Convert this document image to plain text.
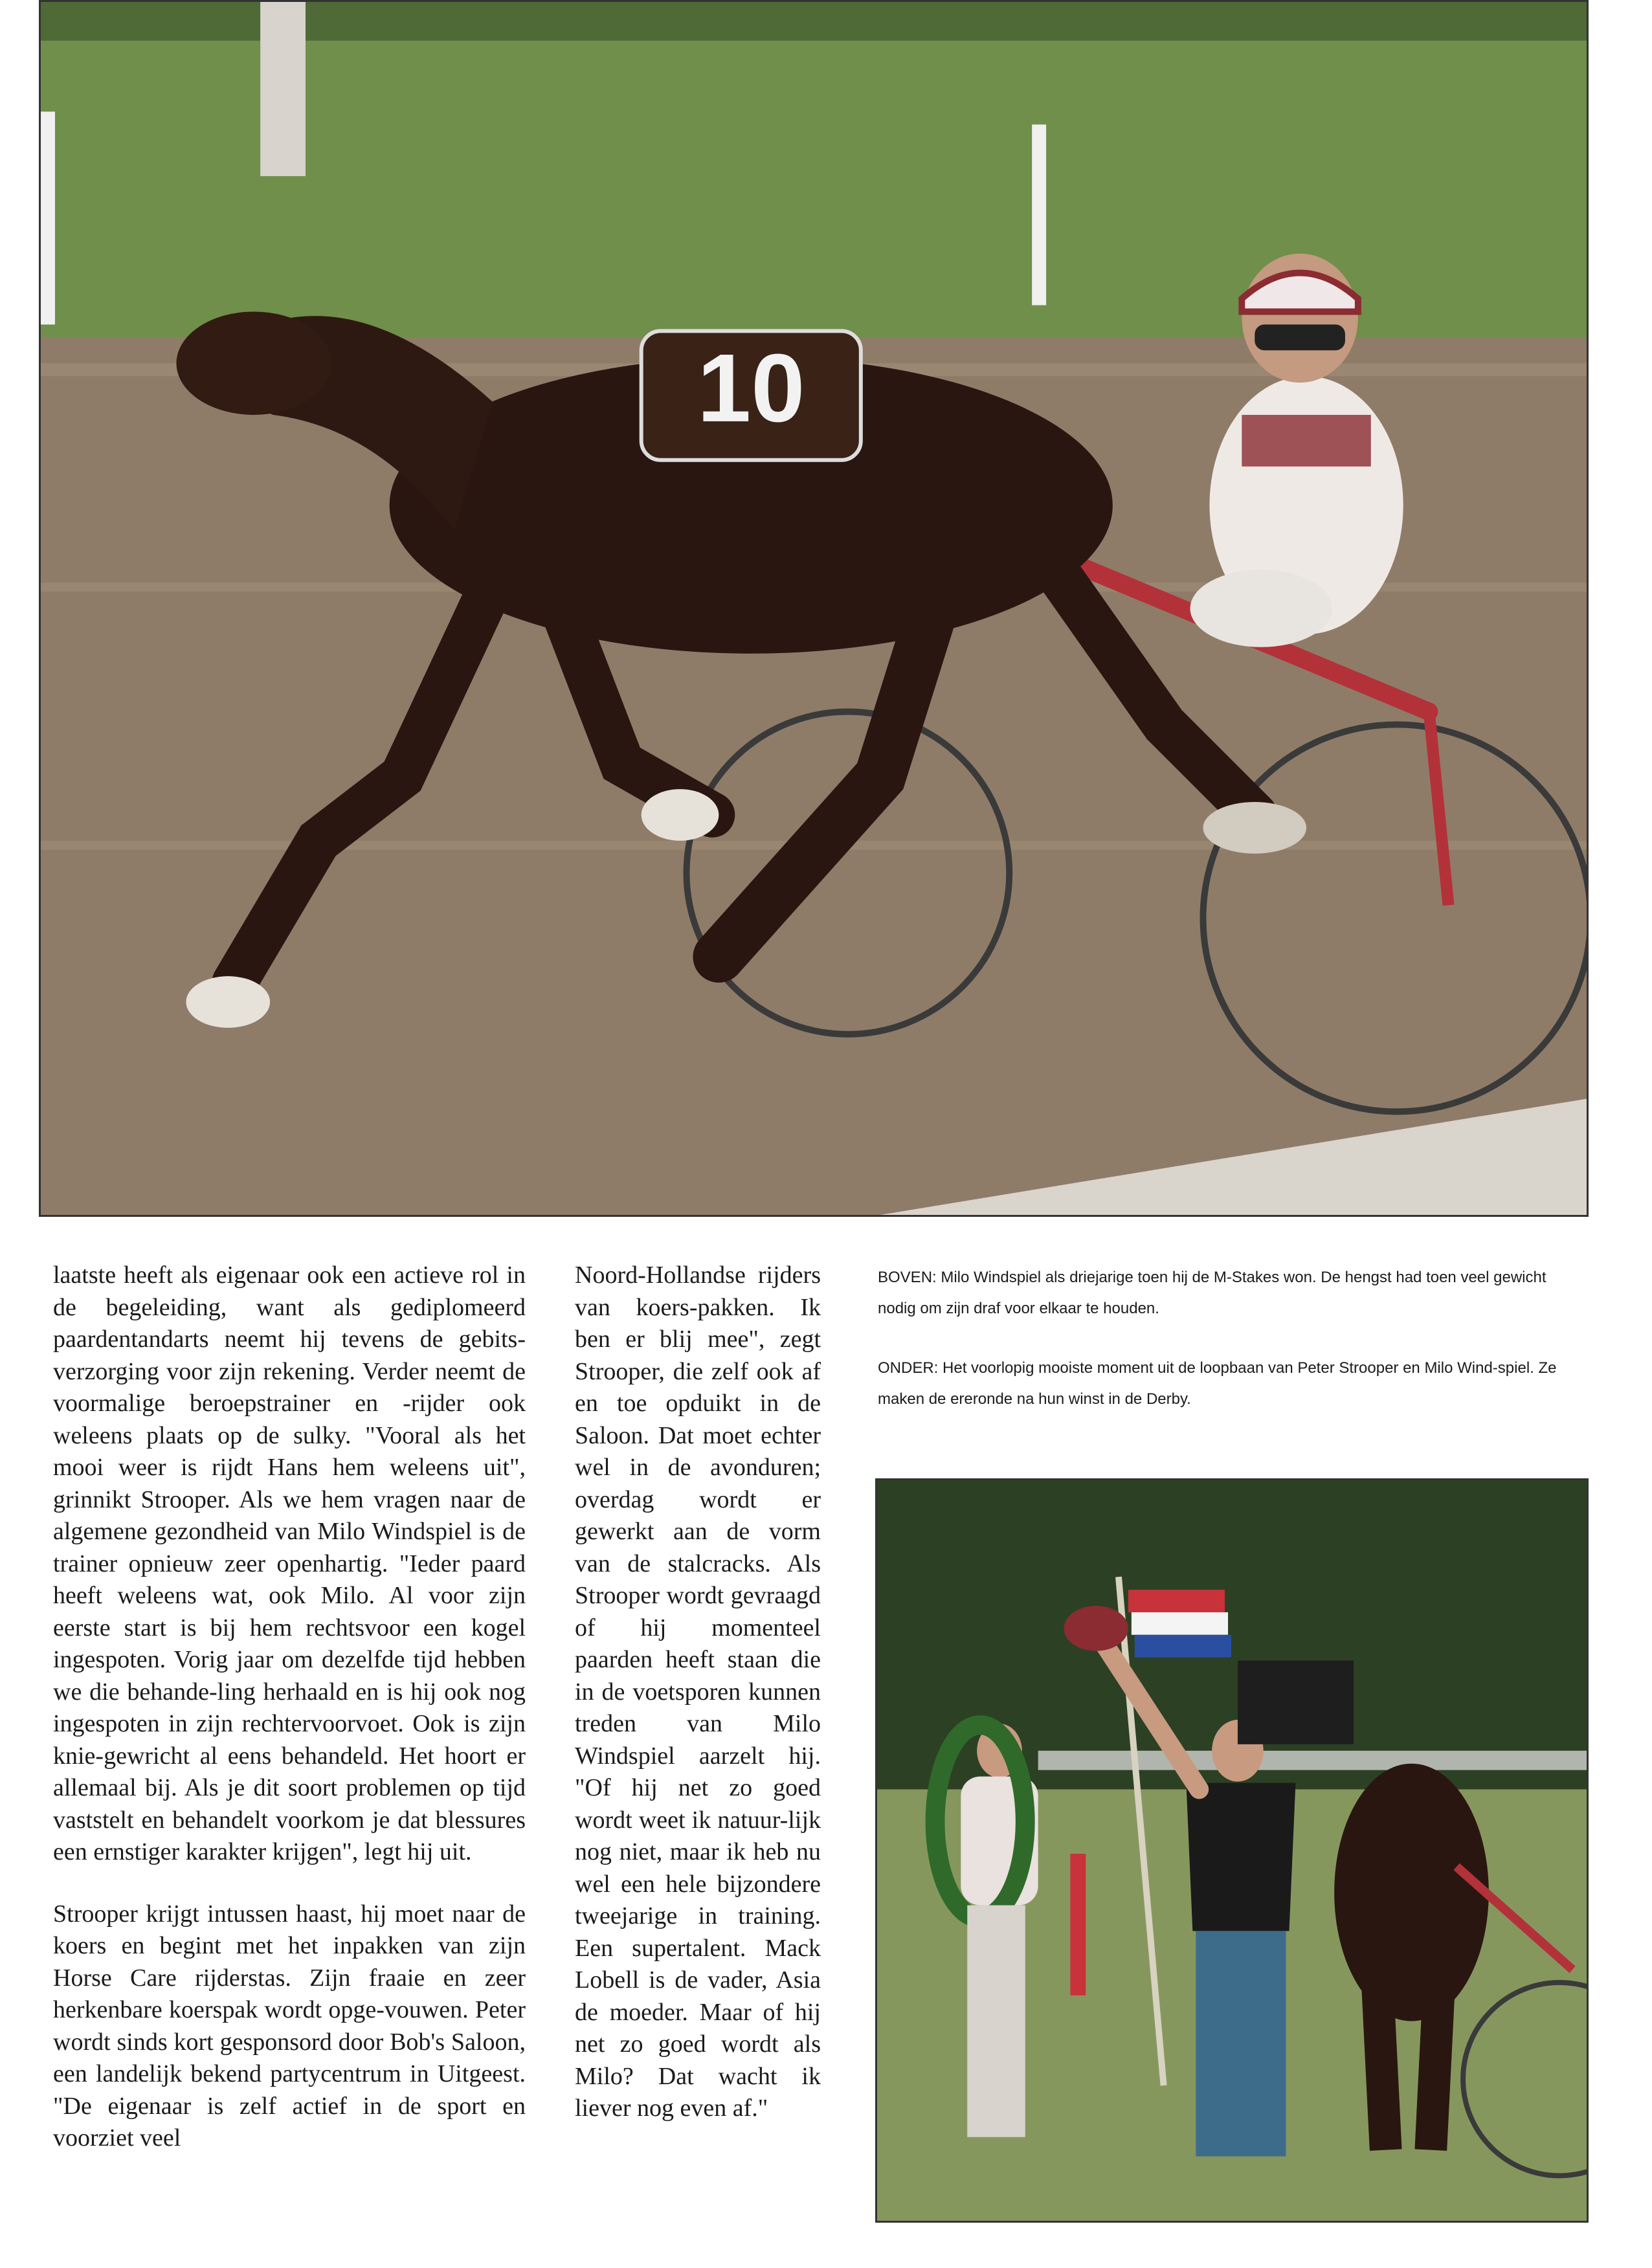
10

laatste heeft als eigenaar ook een actieve rol in de begeleiding, want als gediplomeerd paardentandarts neemt hij tevens de gebits-verzorging voor zijn rekening. Verder neemt de voormalige beroepstrainer en -rijder ook weleens plaats op de sulky. "Vooral als het mooi weer is rijdt Hans hem weleens uit", grinnikt Strooper. Als we hem vragen naar de algemene gezondheid van Milo Windspiel is de trainer opnieuw zeer openhartig. "Ieder paard heeft weleens wat, ook Milo. Al voor zijn eerste start is bij hem rechtsvoor een kogel ingespoten. Vorig jaar om dezelfde tijd hebben we die behande-ling herhaald en is hij ook nog ingespoten in zijn rechtervoorvoet. Ook is zijn knie-gewricht al eens behandeld. Het hoort er allemaal bij. Als je dit soort problemen op tijd vaststelt en behandelt voorkom je dat blessures een ernstiger karakter krijgen", legt hij uit.

Strooper krijgt intussen haast, hij moet naar de koers en begint met het inpakken van zijn Horse Care rijderstas. Zijn fraaie en zeer herkenbare koerspak wordt opge-vouwen. Peter wordt sinds kort gesponsord door Bob's Saloon, een landelijk bekend partycentrum in Uitgeest. "De eigenaar is zelf actief in de sport en voorziet veel

Noord-Hollandse rijders van koers-pakken. Ik ben er blij mee", zegt Strooper, die zelf ook af en toe opduikt in de Saloon. Dat moet echter wel in de avonduren; overdag wordt er gewerkt aan de vorm van de stalcracks. Als Strooper wordt gevraagd of hij momenteel paarden heeft staan die in de voetsporen kunnen treden van Milo Windspiel aarzelt hij. "Of hij net zo goed wordt weet ik natuur-lijk nog niet, maar ik heb nu wel een hele bijzondere tweejarige in training. Een supertalent. Mack Lobell is de vader, Asia de moeder. Maar of hij net zo goed wordt als Milo? Dat wacht ik liever nog even af."

BOVEN: Milo Windspiel als driejarige toen hij de M-Stakes won. De hengst had toen veel gewicht nodig om zijn draf voor elkaar te houden.

ONDER: Het voorlopig mooiste moment uit de loopbaan van Peter Strooper en Milo Wind-spiel. Ze maken de ereronde na hun winst in de Derby.
